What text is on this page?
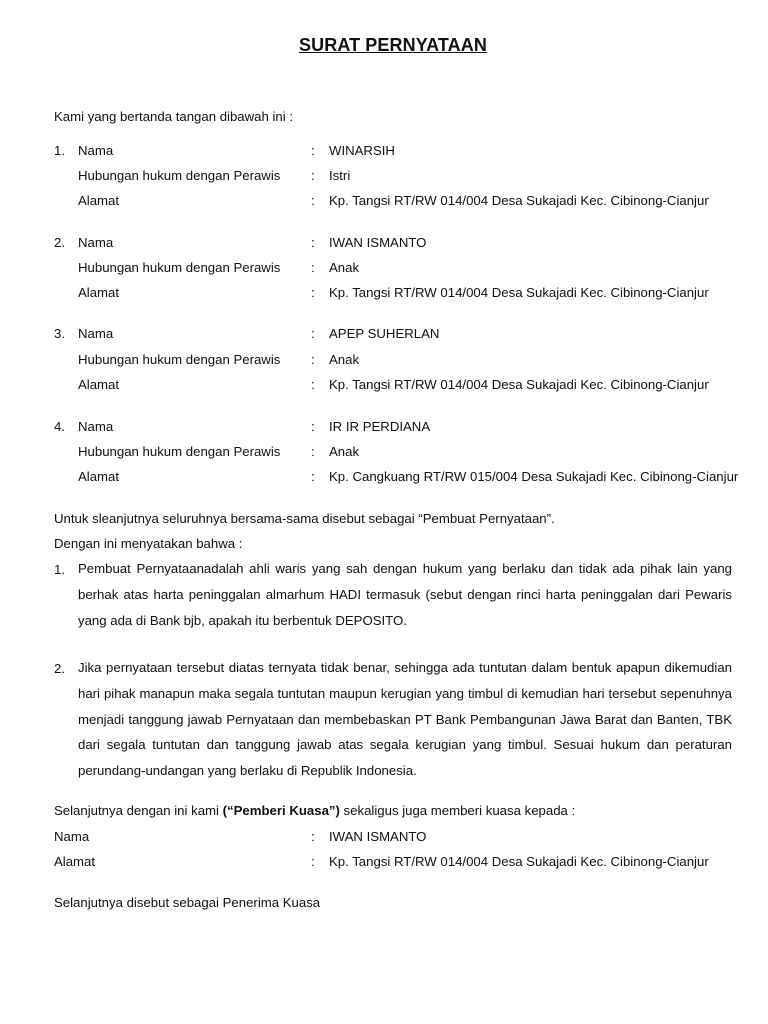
SURAT PERNYATAAN
Kami yang bertanda tangan dibawah ini :
1. Nama	: WINARSIH
Hubungan hukum dengan Perawis : Istri
Alamat	: Kp. Tangsi RT/RW 014/004 Desa Sukajadi Kec. Cibinong-Cianjur
2. Nama	: IWAN ISMANTO
Hubungan hukum dengan Perawis : Anak
Alamat	: Kp. Tangsi RT/RW 014/004 Desa Sukajadi Kec. Cibinong-Cianjur
3. Nama	: APEP SUHERLAN
Hubungan hukum dengan Perawis : Anak
Alamat	: Kp. Tangsi RT/RW 014/004 Desa Sukajadi Kec. Cibinong-Cianjur
4. Nama	: IR IR PERDIANA
Hubungan hukum dengan Perawis : Anak
Alamat	: Kp. Cangkuang RT/RW 015/004 Desa Sukajadi Kec. Cibinong-Cianjur
Untuk sleanjutnya seluruhnya bersama-sama disebut sebagai “Pembuat Pernyataan”.
Dengan ini menyatakan bahwa :
1. Pembuat Pernyataanadalah ahli waris yang sah dengan hukum yang berlaku dan tidak ada pihak lain yang berhak atas harta peninggalan almarhum HADI termasuk (sebut dengan rinci harta peninggalan dari Pewaris yang ada di Bank bjb, apakah itu berbentuk DEPOSITO.
2. Jika pernyataan tersebut diatas ternyata tidak benar, sehingga ada tuntutan dalam bentuk apapun dikemudian hari pihak manapun maka segala tuntutan maupun kerugian yang timbul di kemudian hari tersebut sepenuhnya menjadi tanggung jawab Pernyataan dan membebaskan PT Bank Pembangunan Jawa Barat dan Banten, TBK dari segala tuntutan dan tanggung jawab atas segala kerugian yang timbul. Sesuai hukum dan peraturan perundang-undangan yang berlaku di Republik Indonesia.
Selanjutnya dengan ini kami (“Pemberi Kuasa”) sekaligus juga memberi kuasa kepada :
Nama	: IWAN ISMANTO
Alamat	: Kp. Tangsi RT/RW 014/004 Desa Sukajadi Kec. Cibinong-Cianjur
Selanjutnya disebut sebagai Penerima Kuasa
